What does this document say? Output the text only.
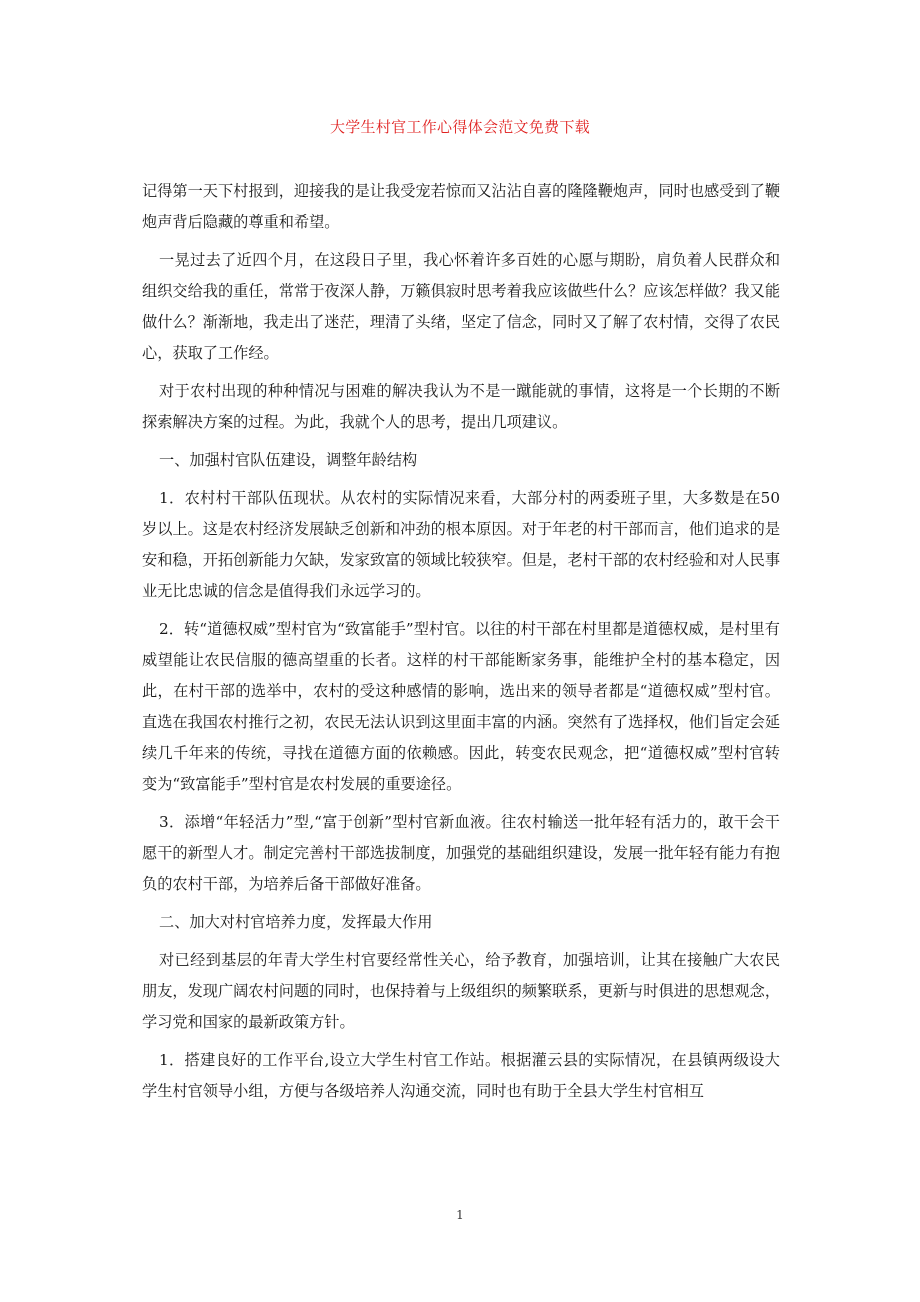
大学生村官工作心得体会范文免费下载

记得第一天下村报到，迎接我的是让我受宠若惊而又沾沾自喜的隆隆鞭炮声，同时也感受到了鞭炮声背后隐藏的尊重和希望。

一晃过去了近四个月，在这段日子里，我心怀着许多百姓的心愿与期盼，肩负着人民群众和组织交给我的重任，常常于夜深人静，万籁俱寂时思考着我应该做些什么？应该怎样做？我又能做什么？渐渐地，我走出了迷茫，理清了头绪，坚定了信念，同时又了解了农村情，交得了农民心，获取了工作经。

对于农村出现的种种情况与困难的解决我认为不是一蹴能就的事情，这将是一个长期的不断探索解决方案的过程。为此，我就个人的思考，提出几项建议。

一、加强村官队伍建设，调整年龄结构

1．农村村干部队伍现状。从农村的实际情况来看，大部分村的两委班子里，大多数是在50岁以上。这是农村经济发展缺乏创新和冲劲的根本原因。对于年老的村干部而言，他们追求的是安和稳，开拓创新能力欠缺，发家致富的领域比较狭窄。但是，老村干部的农村经验和对人民事业无比忠诚的信念是值得我们永远学习的。

2．转“道德权威”型村官为“致富能手”型村官。以往的村干部在村里都是道德权威，是村里有威望能让农民信服的德高望重的长者。这样的村干部能断家务事，能维护全村的基本稳定，因此，在村干部的选举中，农村的受这种感情的影响，选出来的领导者都是“道德权威”型村官。直选在我国农村推行之初，农民无法认识到这里面丰富的内涵。突然有了选择权，他们旨定会延续几千年来的传统，寻找在道德方面的依赖感。因此，转变农民观念，把“道德权威”型村官转变为“致富能手”型村官是农村发展的重要途径。

3．添增“年轻活力”型,“富于创新”型村官新血液。往农村输送一批年轻有活力的，敢干会干愿干的新型人才。制定完善村干部选拔制度，加强党的基础组织建设，发展一批年轻有能力有抱负的农村干部，为培养后备干部做好准备。

二、加大对村官培养力度，发挥最大作用

对已经到基层的年青大学生村官要经常性关心，给予教育，加强培训，让其在接触广大农民朋友，发现广阔农村问题的同时，也保持着与上级组织的频繁联系，更新与时俱进的思想观念，学习党和国家的最新政策方针。

1．搭建良好的工作平台,设立大学生村官工作站。根据灌云县的实际情况，在县镇两级设大学生村官领导小组，方便与各级培养人沟通交流，同时也有助于全县大学生村官相互

1
